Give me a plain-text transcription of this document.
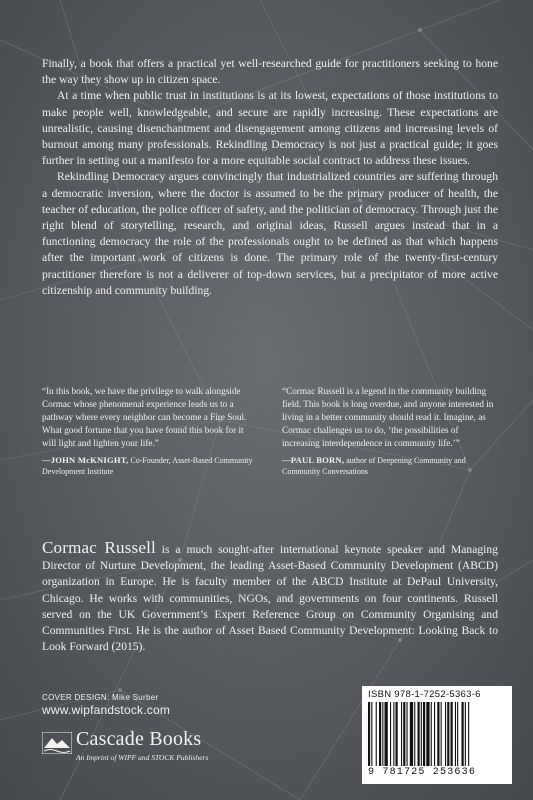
Finally, a book that offers a practical yet well-researched guide for practitioners seeking to hone the way they show up in citizen space.

At a time when public trust in institutions is at its lowest, expectations of those institutions to make people well, knowledgeable, and secure are rapidly increasing. These expectations are unrealistic, causing disenchantment and disengagement among citizens and increasing levels of burnout among many professionals. Rekindling Democracy is not just a practical guide; it goes further in setting out a manifesto for a more equitable social contract to address these issues.

Rekindling Democracy argues convincingly that industrialized countries are suffering through a democratic inversion, where the doctor is assumed to be the primary producer of health, the teacher of education, the police officer of safety, and the politician of democracy. Through just the right blend of storytelling, research, and original ideas, Russell argues instead that in a functioning democracy the role of the professionals ought to be defined as that which happens after the important work of citizens is done. The primary role of the twenty-first-century practitioner therefore is not a deliverer of top-down services, but a precipitator of more active citizenship and community building.

“In this book, we have the privilege to walk alongside Cormac whose phenomenal experience leads us to a pathway where every neighbor can become a Fire Soul. What good fortune that you have found this book for it will light and lighten your life.”
—JOHN McKNIGHT, Co-Founder, Asset-Based Community Development Institute
“Cormac Russell is a legend in the community building field. This book is long overdue, and anyone interested in living in a better community should read it. Imagine, as Cormac challenges us to do, ‘the possibilities of increasing interdependence in community life.’”
—PAUL BORN, author of Deepening Community and Community Conversations

Cormac Russell is a much sought-after international keynote speaker and Managing Director of Nurture Development, the leading Asset-Based Community Development (ABCD) organization in Europe. He is faculty member of the ABCD Institute at DePaul University, Chicago. He works with communities, NGOs, and governments on four continents. Russell served on the UK Government’s Expert Reference Group on Community Organising and Communities First. He is the author of Asset Based Community Development: Looking Back to Look Forward (2015).

COVER DESIGN: Mike Surber
www.wipfandstock.com
Cascade Books
An Imprint of WIPF and STOCK Publishers
ISBN 978-1-7252-5363-6
9 781725 253636
